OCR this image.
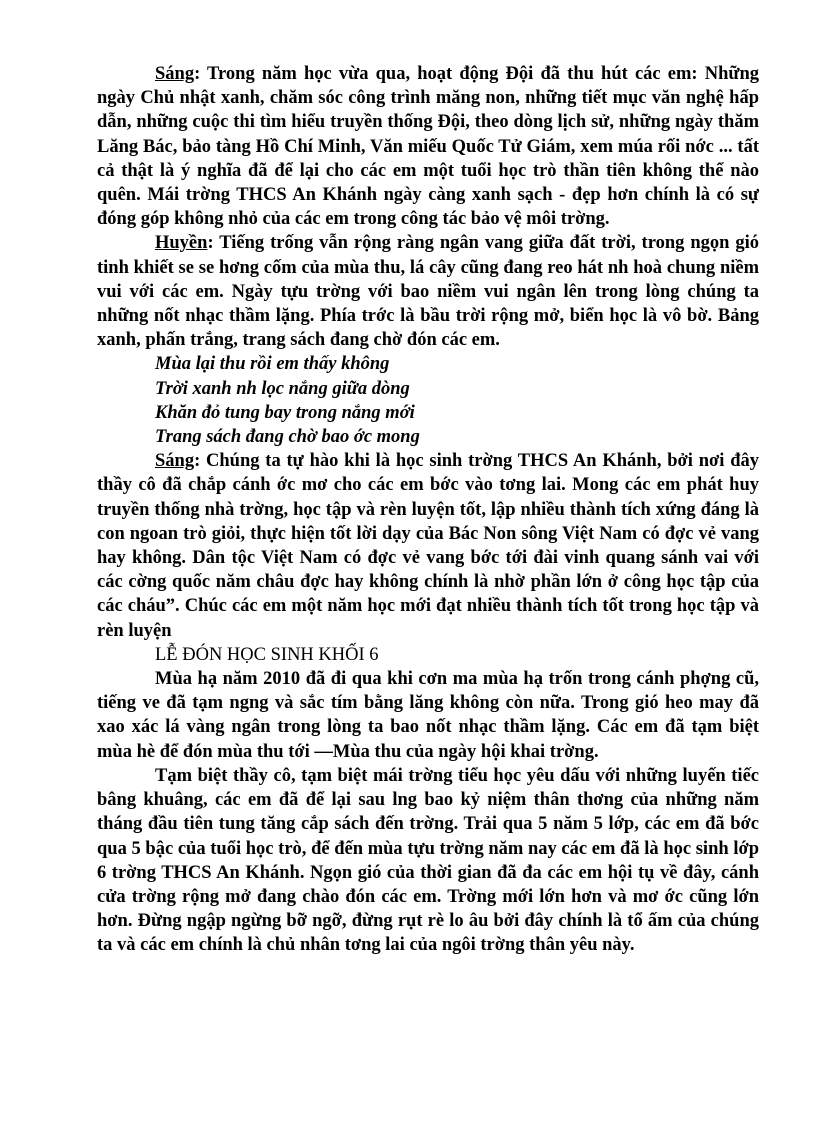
Sáng: Trong năm học vừa qua, hoạt động Đội đã thu hút các em: Những ngày Chủ nhật xanh, chăm sóc công trình măng non, những tiết mục văn nghệ hấp dẫn, những cuộc thi tìm hiểu truyền thống Đội, theo dòng lịch sử, những ngày thăm Lăng Bác, bảo tàng Hồ Chí Minh, Văn miếu Quốc Tử Giám, xem múa rối nớc ... tất cả thật là ý nghĩa đã để lại cho các em một tuổi học trò thần tiên không thể nào quên. Mái trờng THCS An Khánh ngày càng xanh sạch - đẹp hơn chính là có sự đóng góp không nhỏ của các em trong công tác bảo vệ môi trờng.

Huyền: Tiếng trống vẫn rộng ràng ngân vang giữa đất trời, trong ngọn gió tinh khiết se se hơng cốm của mùa thu, lá cây cũng đang reo hát nh hoà chung niềm vui với các em. Ngày tựu trờng với bao niềm vui ngân lên trong lòng chúng ta những nốt nhạc thầm lặng. Phía trớc là bầu trời rộng mở, biển học là vô bờ. Bảng xanh, phấn trắng, trang sách đang chờ đón các em.

Mùa lại thu rồi em thấy không
Trời xanh nh lọc nắng giữa dòng
Khăn đỏ tung bay trong nắng mới
Trang sách đang chờ bao ớc mong

Sáng: Chúng ta tự hào khi là học sinh trờng THCS An Khánh, bởi nơi đây thầy cô đã chắp cánh ớc mơ cho các em bớc vào tơng lai. Mong các em phát huy truyền thống nhà trờng, học tập và rèn luyện tốt, lập nhiều thành tích xứng đáng là con ngoan trò giỏi, thực hiện tốt lời dạy của Bác Non sông Việt Nam có đợc vẻ vang hay không. Dân tộc Việt Nam có đợc vẻ vang bớc tới đài vinh quang sánh vai với các cờng quốc năm châu đợc hay không chính là nhờ phần lớn ở công học tập của các cháu”. Chúc các em một năm học mới đạt nhiều thành tích tốt trong học tập và rèn luyện

LỄ ĐÓN HỌC SINH KHỐI 6

Mùa hạ năm 2010 đã đi qua khi cơn ma mùa hạ trốn trong cánh phợng cũ, tiếng ve đã tạm ngng và sắc tím bằng lăng không còn nữa. Trong gió heo may đã xao xác lá vàng ngân trong lòng ta bao nốt nhạc thầm lặng. Các em đã tạm biệt mùa hè để đón mùa thu tới —Mùa thu của ngày hội khai trờng.

Tạm biệt thầy cô, tạm biệt mái trờng tiểu học yêu dấu với những luyến tiếc bâng khuâng, các em đã để lại sau lng bao kỷ niệm thân thơng của những năm tháng đầu tiên tung tăng cắp sách đến trờng. Trải qua 5 năm 5 lớp, các em đã bớc qua 5 bậc của tuổi học trò, để đến mùa tựu trờng năm nay các em đã là học sinh lớp 6 trờng THCS An Khánh. Ngọn gió của thời gian đã đa các em hội tụ về đây, cánh cửa trờng rộng mở đang chào đón các em. Trờng mới lớn hơn và mơ ớc cũng lớn hơn. Đừng ngập ngừng bỡ ngỡ, đừng rụt rè lo âu bởi đây chính là tổ ấm của chúng ta và các em chính là chủ nhân tơng lai của ngôi trờng thân yêu này.
